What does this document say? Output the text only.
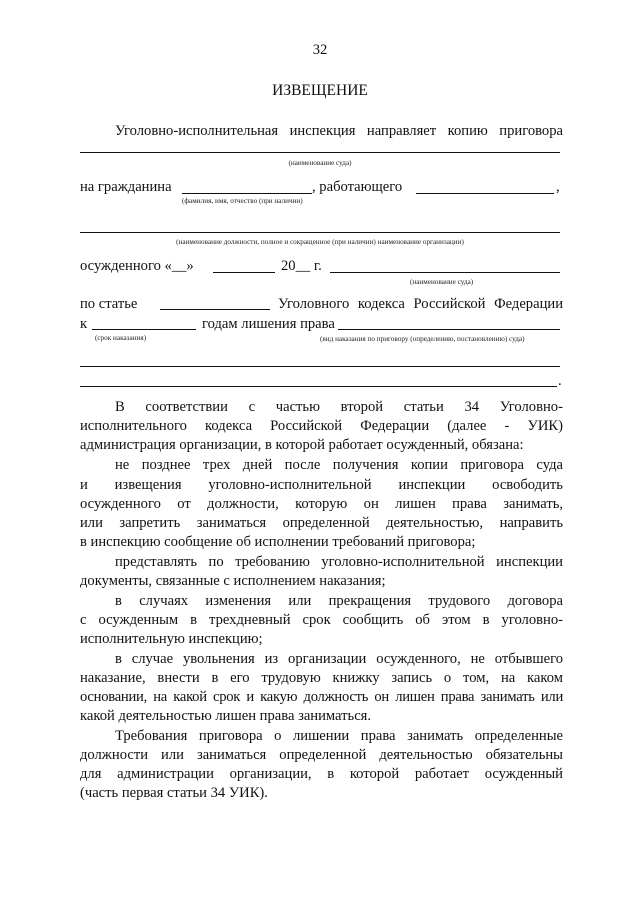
32
ИЗВЕЩЕНИЕ
Уголовно-исполнительная инспекция направляет копию приговора
(наименование суда)
на гражданина	, работающего	,
(фамилия, имя, отчество (при наличии)
(наименование должности, полное и сокращенное (при наличии) наименование организации)
осужденного «__»	20__ г.
(наименование суда)
по статье	Уголовного кодекса Российской Федерации
к	годам лишения права
(срок наказания)	(вид наказания по приговору (определению, постановлению) суда)
.
В соответствии с частью второй статьи 34 Уголовно-
исполнительного кодекса Российской Федерации (далее - УИК)
администрация организации, в которой работает осужденный, обязана:
не позднее трех дней после получения копии приговора суда
и извещения уголовно-исполнительной инспекции освободить
осужденного от должности, которую он лишен права занимать,
или запретить заниматься определенной деятельностью, направить
в инспекцию сообщение об исполнении требований приговора;
представлять по требованию уголовно-исполнительной инспекции
документы, связанные с исполнением наказания;
в случаях изменения или прекращения трудового договора
с осужденным в трехдневный срок сообщить об этом в уголовно-
исполнительную инспекцию;
в случае увольнения из организации осужденного, не отбывшего
наказание, внести в его трудовую книжку запись о том, на каком
основании, на какой срок и какую должность он лишен права занимать или
какой деятельностью лишен права заниматься.
Требования приговора о лишении права занимать определенные
должности или заниматься определенной деятельностью обязательны
для администрации организации, в которой работает осужденный
(часть первая статьи 34 УИК).
